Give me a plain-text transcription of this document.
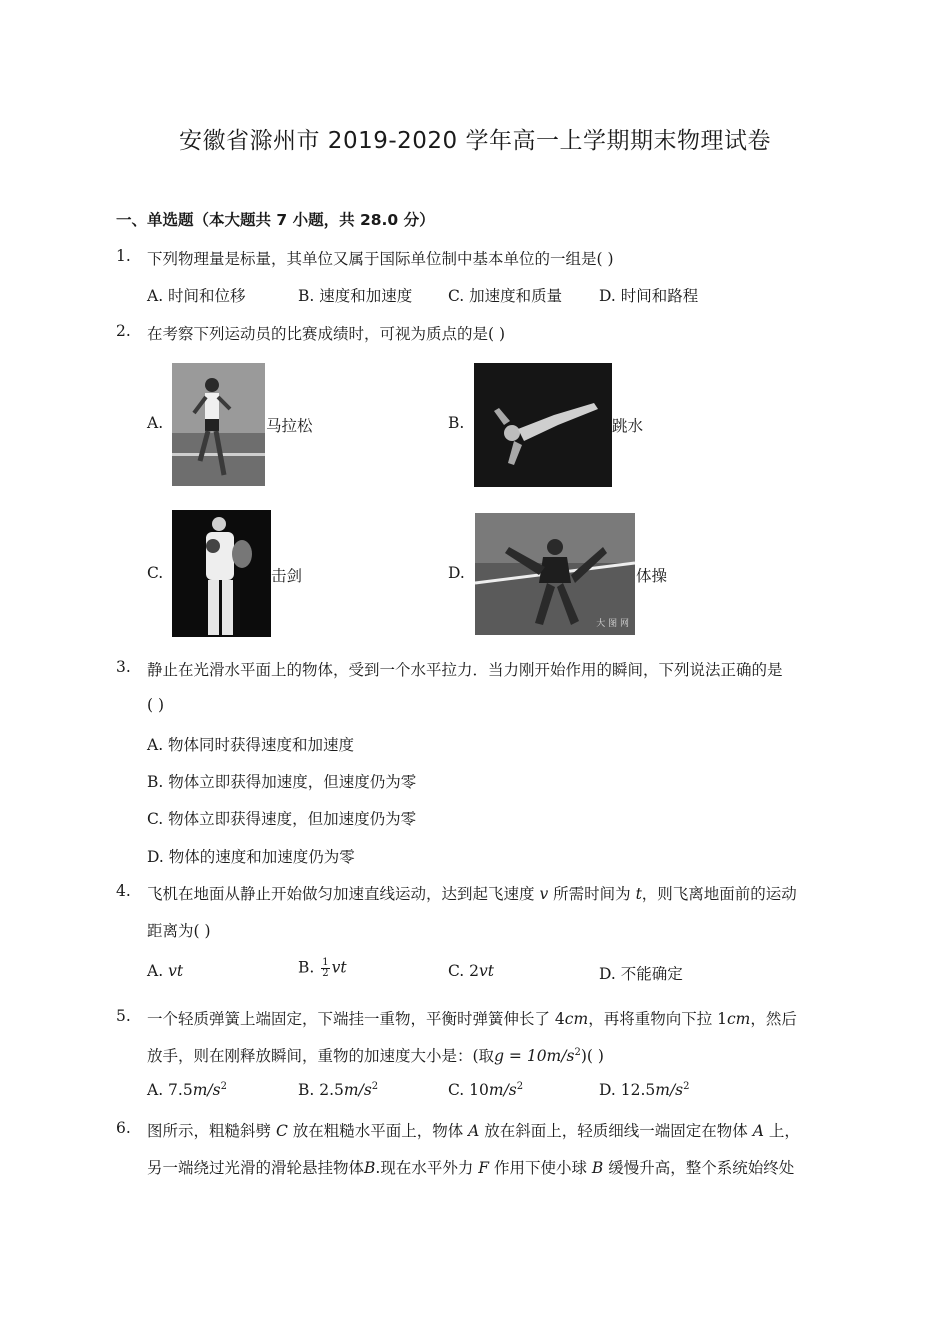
安徽省滁州市 2019-2020 学年高一上学期期末物理试卷
一、单选题（本大题共 7 小题，共 28.0 分）
1. 下列物理量是标量，其单位又属于国际单位制中基本单位的一组是( )
A. 时间和位移	B. 速度和加速度 C. 加速度和质量 D. 时间和路程
2. 在考察下列运动员的比赛成绩时，可视为质点的是( )
A.	马拉松	B.	跳水
C.	击剑	D.
大 图 网
体操
3. 静止在光滑水平面上的物体，受到一个水平拉力．当力刚开始作用的瞬间，下列说法正确的是
( )
A. 物体同时获得速度和加速度
B. 物体立即获得加速度，但速度仍为零
C. 物体立即获得速度，但加速度仍为零
D. 物体的速度和加速度仍为零
4. 飞机在地面从静止开始做匀加速直线运动，达到起飞速度 v 所需时间为 t，则飞离地面前的运动
距离为( )
A. vt	B. $\frac{1}{2}$ vt	C. 2vt	D. 不能确定
5. 一个轻质弹簧上端固定，下端挂一重物，平衡时弹簧伸长了 4cm，再将重物向下拉 1cm，然后
放手，则在刚释放瞬间，重物的加速度大小是：(取$g = 10m/s^2$)( )
A. $7.5m/s^2$	B. $2.5m/s^2$	C. $10m/s^2$	D. $12.5m/s^2$
6. 图所示，粗糙斜劈 C 放在粗糙水平面上，物体 A 放在斜面上，轻质细线一端固定在物体 A 上，
另一端绕过光滑的滑轮悬挂物体B.现在水平外力 F 作用下使小球 B 缓慢升高，整个系统始终处
